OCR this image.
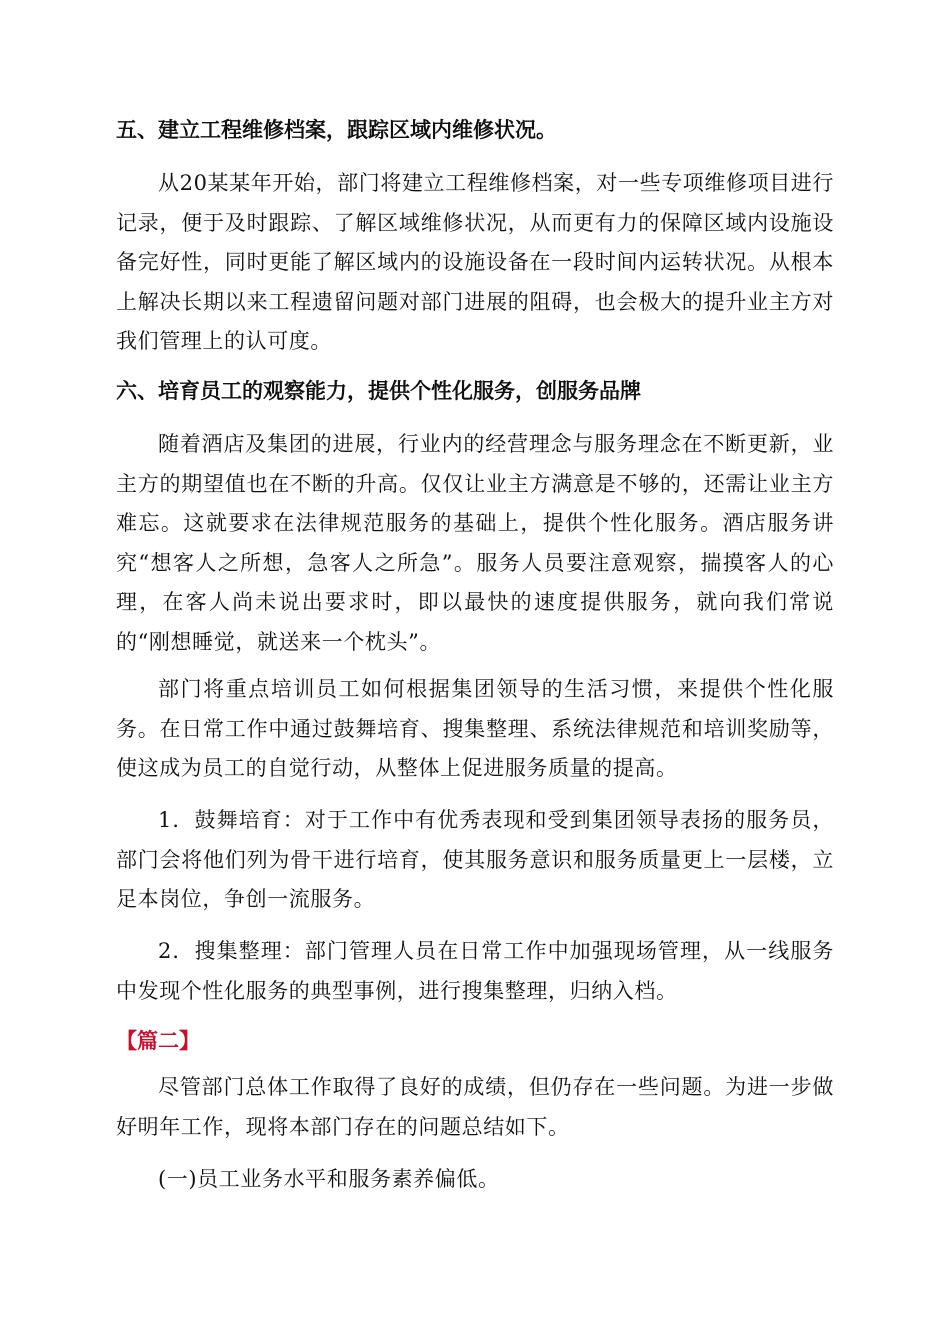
五、建立工程维修档案，跟踪区域内维修状况。

从20某某年开始，部门将建立工程维修档案，对一些专项维修项目进行记录，便于及时跟踪、了解区域维修状况，从而更有力的保障区域内设施设备完好性，同时更能了解区域内的设施设备在一段时间内运转状况。从根本上解决长期以来工程遗留问题对部门进展的阻碍，也会极大的提升业主方对我们管理上的认可度。

六、培育员工的观察能力，提供个性化服务，创服务品牌

随着酒店及集团的进展，行业内的经营理念与服务理念在不断更新，业主方的期望值也在不断的升高。仅仅让业主方满意是不够的，还需让业主方难忘。这就要求在法律规范服务的基础上，提供个性化服务。酒店服务讲究“想客人之所想，急客人之所急”。服务人员要注意观察，揣摸客人的心理，在客人尚未说出要求时，即以最快的速度提供服务，就向我们常说的“刚想睡觉，就送来一个枕头”。

部门将重点培训员工如何根据集团领导的生活习惯，来提供个性化服务。在日常工作中通过鼓舞培育、搜集整理、系统法律规范和培训奖励等，使这成为员工的自觉行动，从整体上促进服务质量的提高。

1．鼓舞培育：对于工作中有优秀表现和受到集团领导表扬的服务员，部门会将他们列为骨干进行培育，使其服务意识和服务质量更上一层楼，立足本岗位，争创一流服务。

2．搜集整理：部门管理人员在日常工作中加强现场管理，从一线服务中发现个性化服务的典型事例，进行搜集整理，归纳入档。

【篇二】

尽管部门总体工作取得了良好的成绩，但仍存在一些问题。为进一步做好明年工作，现将本部门存在的问题总结如下。

(一)员工业务水平和服务素养偏低。
